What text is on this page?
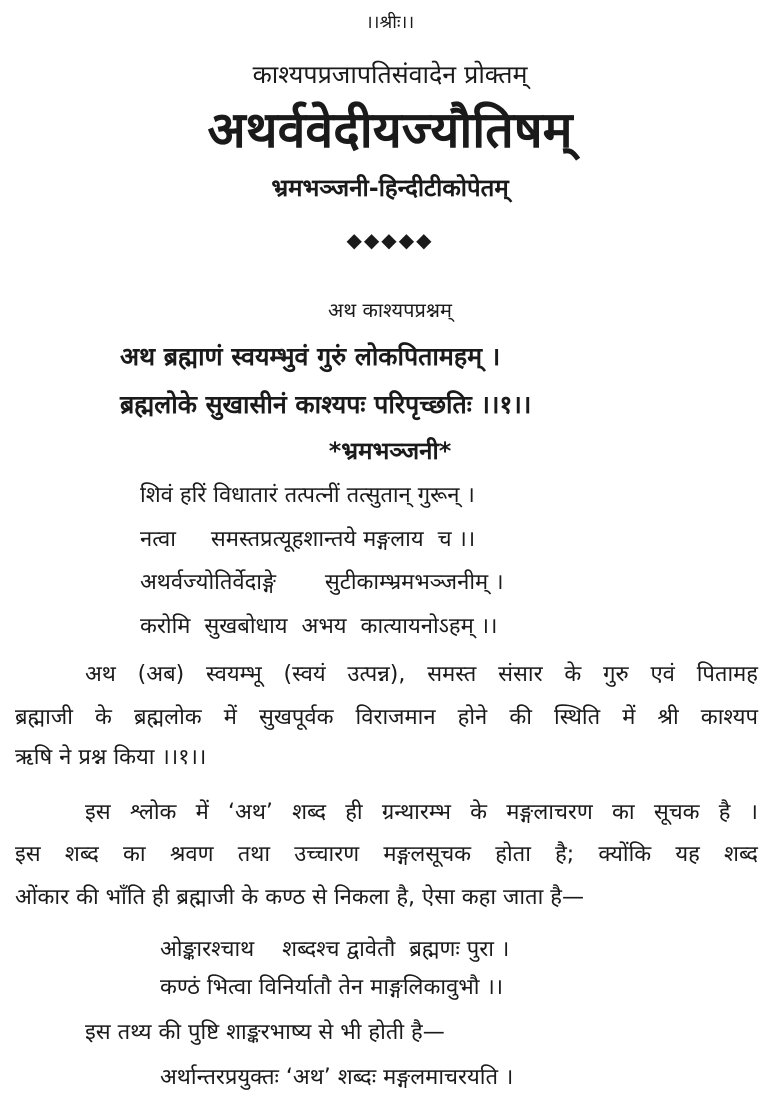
।।श्रीः।।
काश्यपप्रजापतिसंवादेन प्रोक्तम्
अथर्ववेदीयज्यौतिषम्
भ्रमभञ्जनी-हिन्दीटीकोपेतम्
◆◆◆◆◆
अथ काश्यपप्रश्नम्
अथ ब्रह्माणं स्वयम्भुवं गुरुं लोकपितामहम् ।
ब्रह्मलोके सुखासीनं काश्यपः परिपृच्छतिः ।।१।।
*भ्रमभञ्जनी*
शिवं हरिं विधातारं तत्पत्नीं तत्सुतान् गुरून् ।
नत्वा     समस्तप्रत्यूहशान्तये मङ्गलाय  च ।।
अथर्वज्योतिर्वेदाङ्गे       सुटीकाम्भ्रमभञ्जनीम् ।
करोमि  सुखबोधाय  अभय  कात्यायनोऽहम् ।।
अथ (अब) स्वयम्भू (स्वयं उत्पन्न), समस्त संसार के गुरु एवं पितामह
ब्रह्माजी के ब्रह्मलोक में सुखपूर्वक विराजमान होने की स्थिति में श्री काश्यप
ऋषि ने प्रश्न किया ।।१।।
इस श्लोक में ‘अथ’ शब्द ही ग्रन्थारम्भ के मङ्गलाचरण का सूचक है ।
इस शब्द का श्रवण तथा उच्चारण मङ्गलसूचक होता है; क्योंकि यह शब्द
ओंकार की भाँति ही ब्रह्माजी के कण्ठ से निकला है, ऐसा कहा जाता है—
ओङ्कारश्चाथ    शब्दश्च द्वावेतौ  ब्रह्मणः पुरा ।
कण्ठं भित्वा विनिर्यातौ तेन माङ्गलिकावुभौ ।।
इस तथ्य की पुष्टि शाङ्करभाष्य से भी होती है—
अर्थान्तरप्रयुक्तः ‘अथ’ शब्दः मङ्गलमाचरयति ।
